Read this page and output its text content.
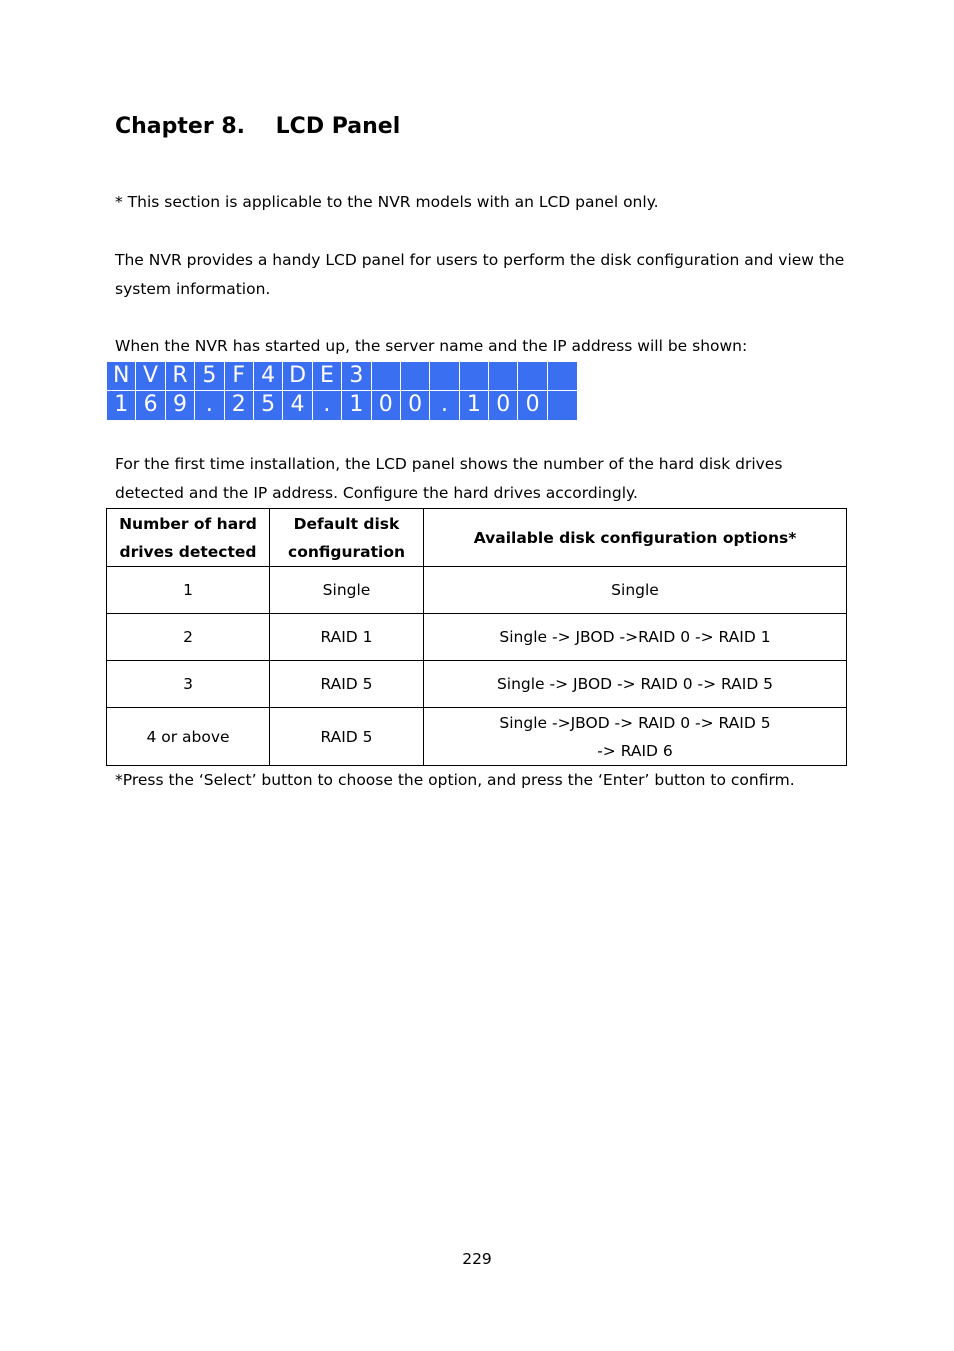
Chapter 8.    LCD Panel

* This section is applicable to the NVR models with an LCD panel only.

The NVR provides a handy LCD panel for users to perform the disk configuration and view the system information.

When the NVR has started up, the server name and the IP address will be shown:

N V R 5 F 4 D E 3
1 6 9 . 2 5 4 . 1 0 0 . 1 0 0

For the first time installation, the LCD panel shows the number of the hard disk drives detected and the IP address. Configure the hard drives accordingly.

Number of hard drives detected	Default disk configuration	Available disk configuration options*
1	Single	Single
2	RAID 1	Single -> JBOD ->RAID 0 -> RAID 1
3	RAID 5	Single -> JBOD -> RAID 0 -> RAID 5
4 or above	RAID 5	Single ->JBOD -> RAID 0 -> RAID 5
-> RAID 6

*Press the ‘Select’ button to choose the option, and press the ‘Enter’ button to confirm.

229
